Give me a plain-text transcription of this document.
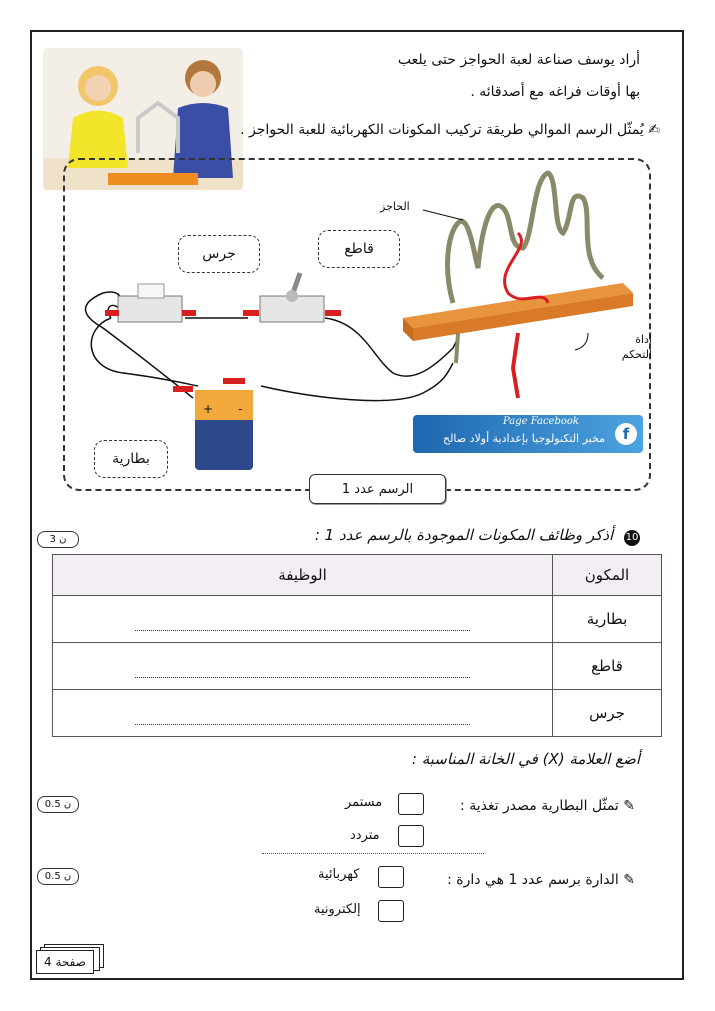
أراد يوسف صناعة لعبة الحواجز حتى يلعب
بها أوقات فراغه مع أصدقائه .
✍ يُمثّل الرسم الموالي طريقة تركيب المكونات الكهربائية للعبة الحواجز .
+ -
الحاجز
أداة التحكم
جرس	قاطع
بطارية
Page Facebook
مخبر التكنولوجيا بإعدادية أولاد صالح	f
الرسم عدد 1
3 ن	10 أذكر وظائف المكونات الموجودة بالرسم عدد 1 :
المكون	الوظيفة
بطارية	

قاطع	

جرس	
أضع العلامة (X) في الخانة المناسبة :
0.5 ن	✎ تمثّل البطارية مصدر تغذية :
مستمر
متردد
0.5 ن	✎ الدارة برسم عدد 1 هي دارة :
كهربائية
إلكترونية
صفحة 4
